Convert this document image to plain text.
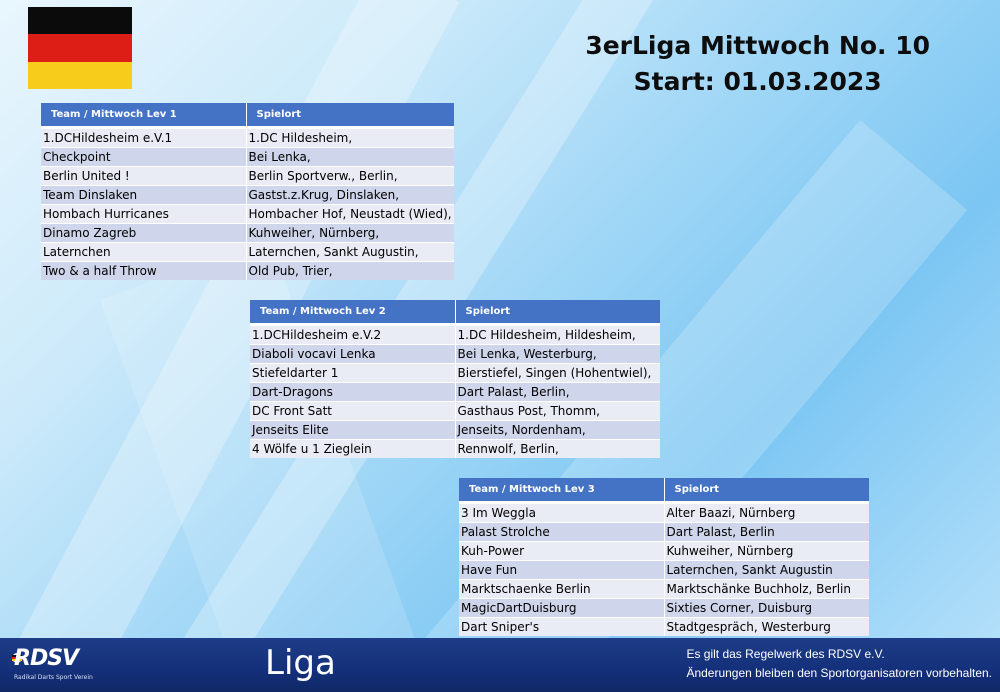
3erLiga Mittwoch No. 10
Start: 01.03.2023
Team / Mittwoch Lev 1	Spielort

1.DCHildesheim e.V.1	1.DC Hildesheim,
Checkpoint	Bei Lenka,
Berlin United !	Berlin Sportverw., Berlin,
Team Dinslaken	Gastst.z.Krug, Dinslaken,
Hombach Hurricanes	Hombacher Hof, Neustadt (Wied),
Dinamo Zagreb	Kuhweiher, Nürnberg,
Laternchen	Laternchen, Sankt Augustin,
Two & a half Throw	Old Pub, Trier,
Team / Mittwoch Lev 2	Spielort

1.DCHildesheim e.V.2	1.DC Hildesheim, Hildesheim,
Diaboli vocavi Lenka	Bei Lenka, Westerburg,
Stiefeldarter 1	Bierstiefel, Singen (Hohentwiel),
Dart-Dragons	Dart Palast, Berlin,
DC Front Satt	Gasthaus Post, Thomm,
Jenseits Elite	Jenseits, Nordenham,
4 Wölfe u 1 Zieglein	Rennwolf, Berlin,
Team / Mittwoch Lev 3	Spielort

3 Im Weggla	Alter Baazi, Nürnberg
Palast Strolche	Dart Palast, Berlin
Kuh-Power	Kuhweiher, Nürnberg
Have Fun	Laternchen, Sankt Augustin
Marktschaenke Berlin	Marktschänke Buchholz, Berlin
MagicDartDuisburg	Sixties Corner, Duisburg
Dart Sniper's	Stadtgespräch, Westerburg
RDSV
Radikal Darts Sport Verein	Liga	Es gilt das Regelwerk des RDSV e.V.
Änderungen bleiben den Sportorganisatoren vorbehalten.
